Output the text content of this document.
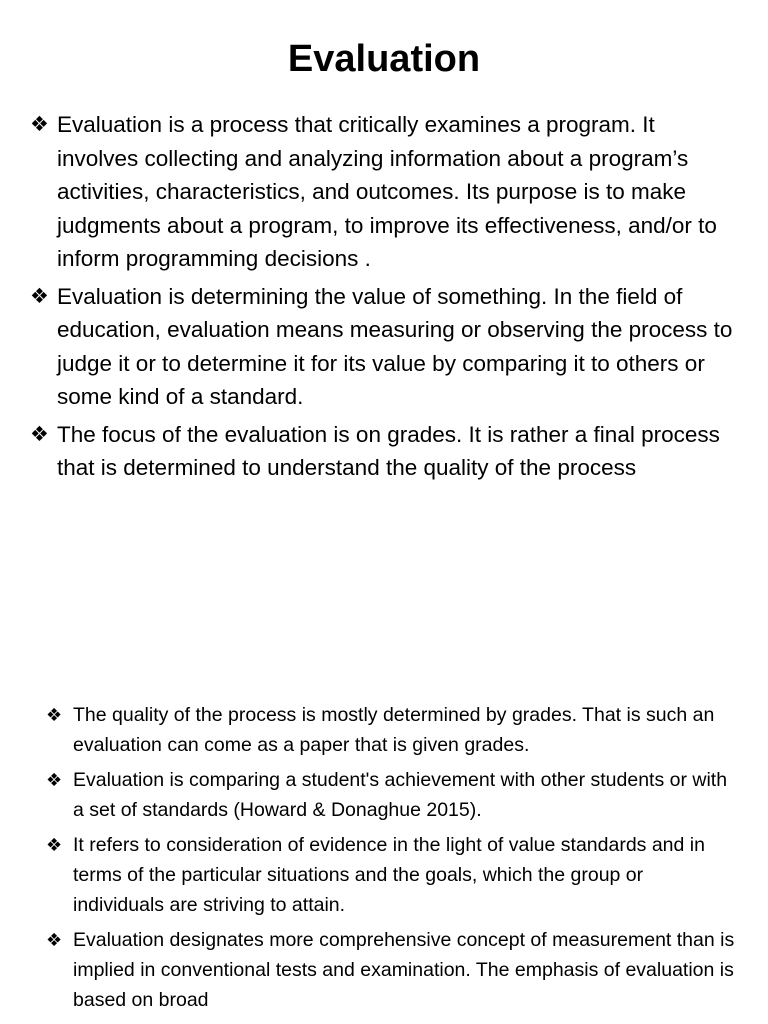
Evaluation
❖ Evaluation is a process that critically examines a program. It involves collecting and analyzing information about a program’s activities, characteristics, and outcomes. Its purpose is to make judgments about a program, to improve its effectiveness, and/or to inform programming decisions .
❖ Evaluation is determining the value of something. In the field of education, evaluation means measuring or observing the process to judge it or to determine it for its value by comparing it to others or some kind of a standard.
❖ The focus of the evaluation is on grades. It is rather a final process that is determined to understand the quality of the process
❖ The quality of the process is mostly determined by grades. That is such an evaluation can come as a paper that is given grades.
❖ Evaluation is comparing a student's achievement with other students or with a set of standards (Howard & Donaghue 2015).
❖ It refers to consideration of evidence in the light of value standards and in terms of the particular situations and the goals, which the group or individuals are striving to attain.
❖ Evaluation designates more comprehensive concept of measurement than is implied in conventional tests and examination. The emphasis of evaluation is based on broad
